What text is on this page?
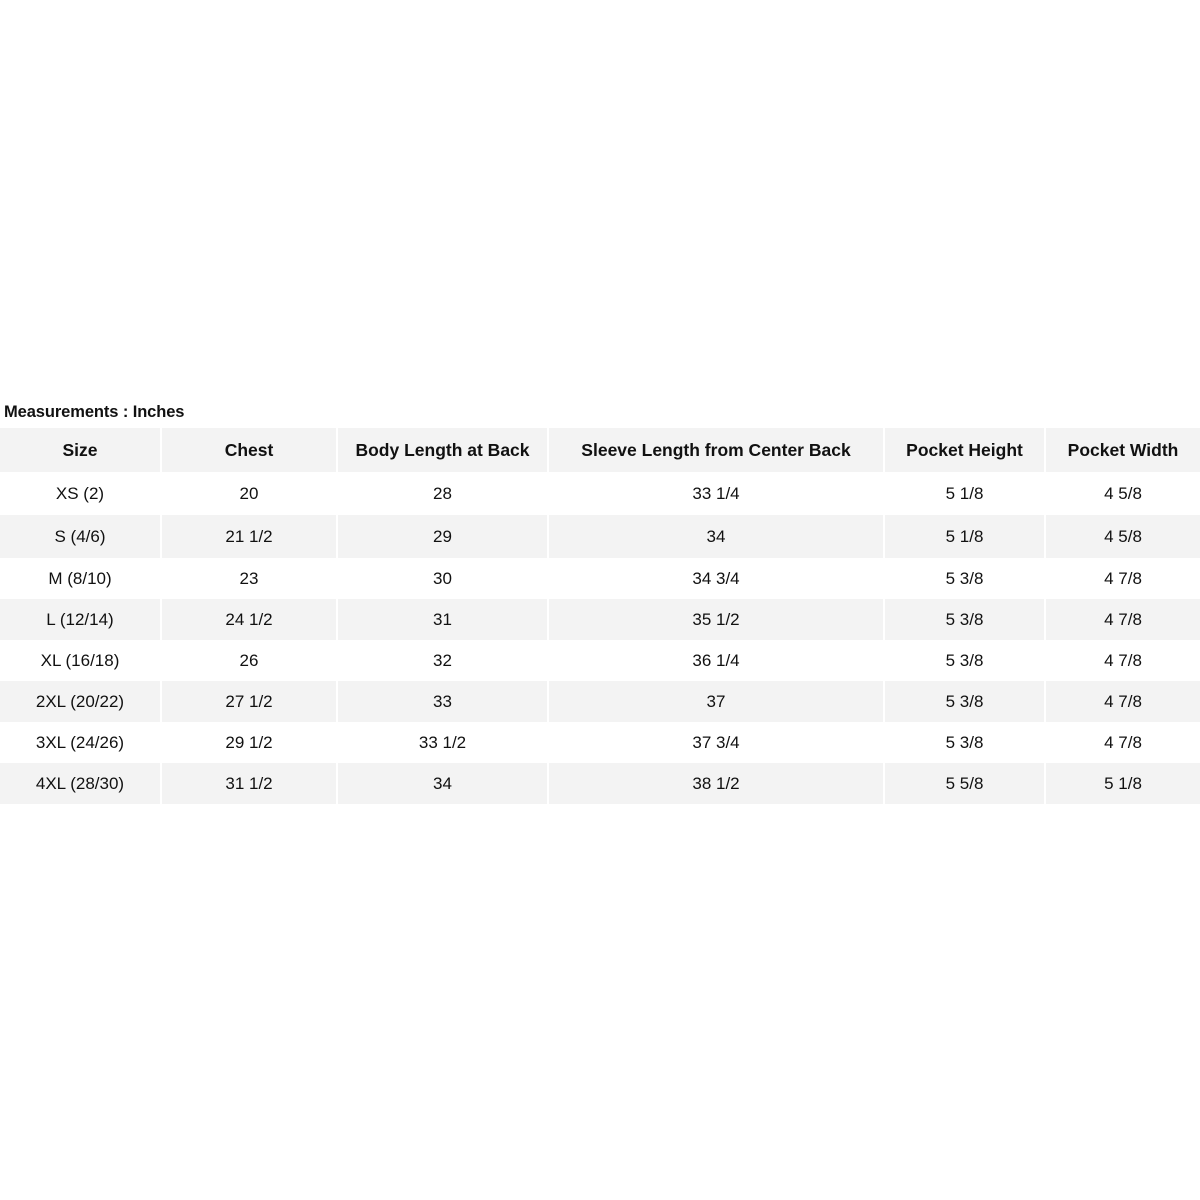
Measurements : Inches
Size	Chest	Body Length at Back	Sleeve Length from Center Back	Pocket Height	Pocket Width
XS (2)	20	28	33 1/4	5 1/8	4 5/8
S (4/6)	21 1/2	29	34	5 1/8	4 5/8
M (8/10)	23	30	34 3/4	5 3/8	4 7/8
L (12/14)	24 1/2	31	35 1/2	5 3/8	4 7/8
XL (16/18)	26	32	36 1/4	5 3/8	4 7/8
2XL (20/22)	27 1/2	33	37	5 3/8	4 7/8
3XL (24/26)	29 1/2	33 1/2	37 3/4	5 3/8	4 7/8
4XL (28/30)	31 1/2	34	38 1/2	5 5/8	5 1/8
